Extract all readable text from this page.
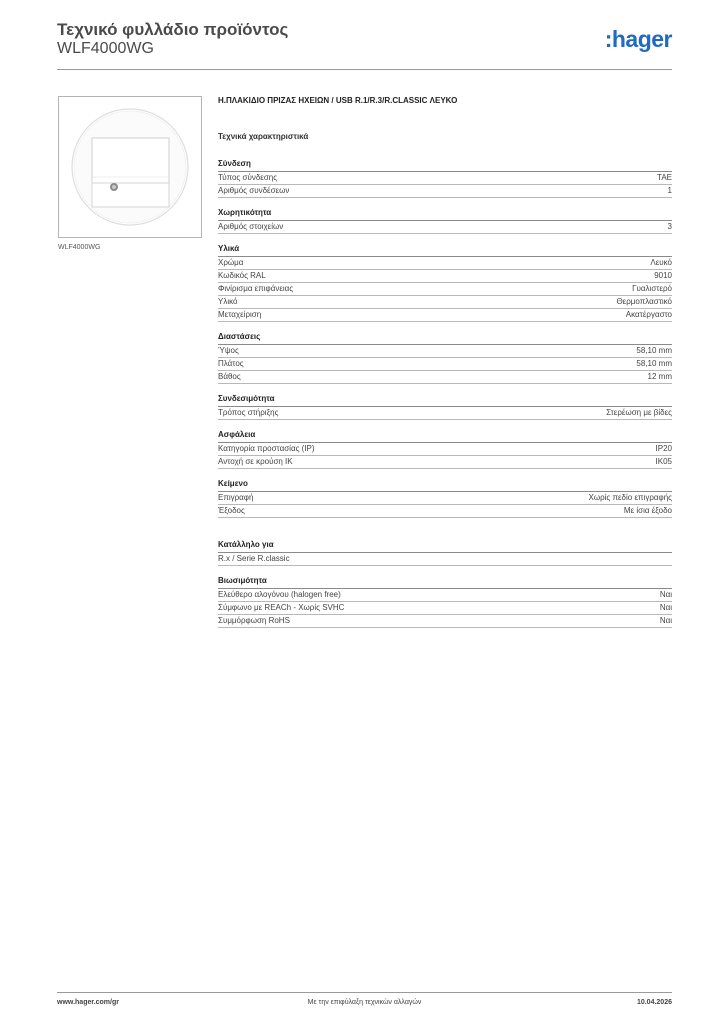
Τεχνικό φυλλάδιο προϊόντος
WLF4000WG	:hager
WLF4000WG
Η.ΠΛΑΚΙΔΙΟ ΠΡΙΖΑΣ ΗΧΕΙΩΝ / USB R.1/R.3/R.CLASSIC ΛΕΥΚΟ
Τεχνικά χαρακτηριστικά
Σύνδεση
Τύπος σύνδεσης	TAE
Αριθμός συνδέσεων	1
Χωρητικότητα
Αριθμός στοιχείων	3
Υλικά
Χρώμα	Λευκό
Κωδικός RAL	9010
Φινίρισμα επιφάνειας	Γυαλιστερό
Υλικό	Θερμοπλαστικό
Μεταχείριση	Ακατέργαστο
Διαστάσεις
Ύψος	58,10 mm
Πλάτος	58,10 mm
Βάθος	12 mm
Συνδεσιμότητα
Τρόπος στήριξης	Στερέωση με βίδες
Ασφάλεια
Κατηγορία προστασίας (IP)	IP20
Αντοχή σε κρούση IK	IK05
Κείμενο
Επιγραφή	Χωρίς πεδίο επιγραφής
Έξοδος	Με ίσια έξοδο
Κατάλληλο για
R.x / Serie R.classic
Βιωσιμότητα
Ελεύθερο αλογόνου (halogen free)	Ναι
Σύμφωνο με REACh - Χωρίς SVHC	Ναι
Συμμόρφωση RoHS	Ναι
www.hager.com/gr	Με την επιφύλαξη τεχνικών αλλαγών	10.04.2026
